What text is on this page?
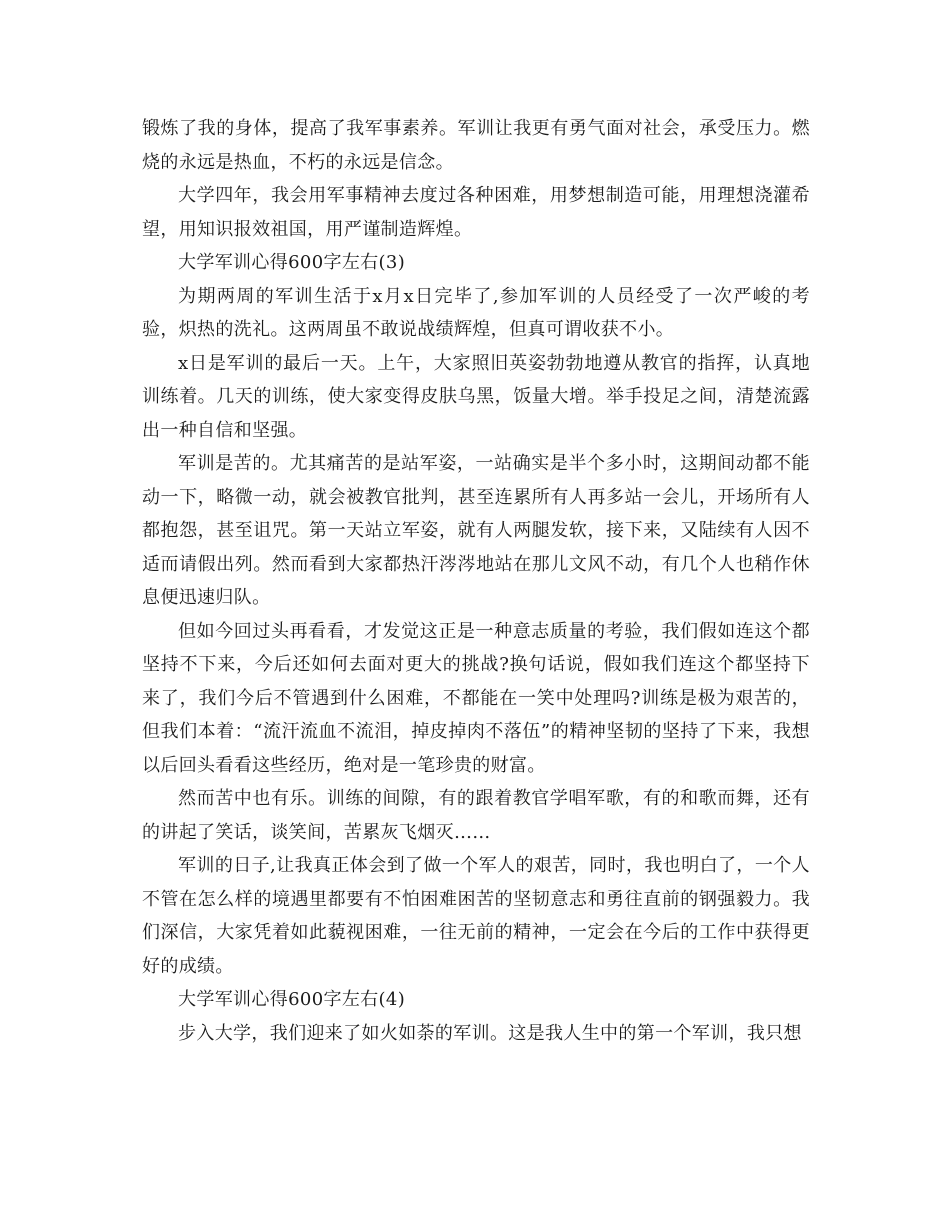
锻炼了我的身体，提高了我军事素养。军训让我更有勇气面对社会，承受压力。燃烧的永远是热血，不朽的永远是信念。

大学四年，我会用军事精神去度过各种困难，用梦想制造可能，用理想浇灌希望，用知识报效祖国，用严谨制造辉煌。

大学军训心得600字左右(3)

为期两周的军训生活于x月x日完毕了,参加军训的人员经受了一次严峻的考验，炽热的洗礼。这两周虽不敢说战绩辉煌，但真可谓收获不小。

x日是军训的最后一天。上午，大家照旧英姿勃勃地遵从教官的指挥，认真地训练着。几天的训练，使大家变得皮肤乌黑，饭量大增。举手投足之间，清楚流露出一种自信和坚强。

军训是苦的。尤其痛苦的是站军姿，一站确实是半个多小时，这期间动都不能动一下，略微一动，就会被教官批判，甚至连累所有人再多站一会儿，开场所有人都抱怨，甚至诅咒。第一天站立军姿，就有人两腿发软，接下来，又陆续有人因不适而请假出列。然而看到大家都热汗涔涔地站在那儿文风不动，有几个人也稍作休息便迅速归队。

但如今回过头再看看，才发觉这正是一种意志质量的考验，我们假如连这个都坚持不下来，今后还如何去面对更大的挑战?换句话说，假如我们连这个都坚持下来了，我们今后不管遇到什么困难，不都能在一笑中处理吗?训练是极为艰苦的，但我们本着：“流汗流血不流泪，掉皮掉肉不落伍”的精神坚韧的坚持了下来，我想以后回头看看这些经历，绝对是一笔珍贵的财富。

然而苦中也有乐。训练的间隙，有的跟着教官学唱军歌，有的和歌而舞，还有的讲起了笑话，谈笑间，苦累灰飞烟灭……

军训的日子,让我真正体会到了做一个军人的艰苦，同时，我也明白了，一个人不管在怎么样的境遇里都要有不怕困难困苦的坚韧意志和勇往直前的钢强毅力。我们深信，大家凭着如此藐视困难，一往无前的精神，一定会在今后的工作中获得更好的成绩。

大学军训心得600字左右(4)

步入大学，我们迎来了如火如荼的军训。这是我人生中的第一个军训，我只想
